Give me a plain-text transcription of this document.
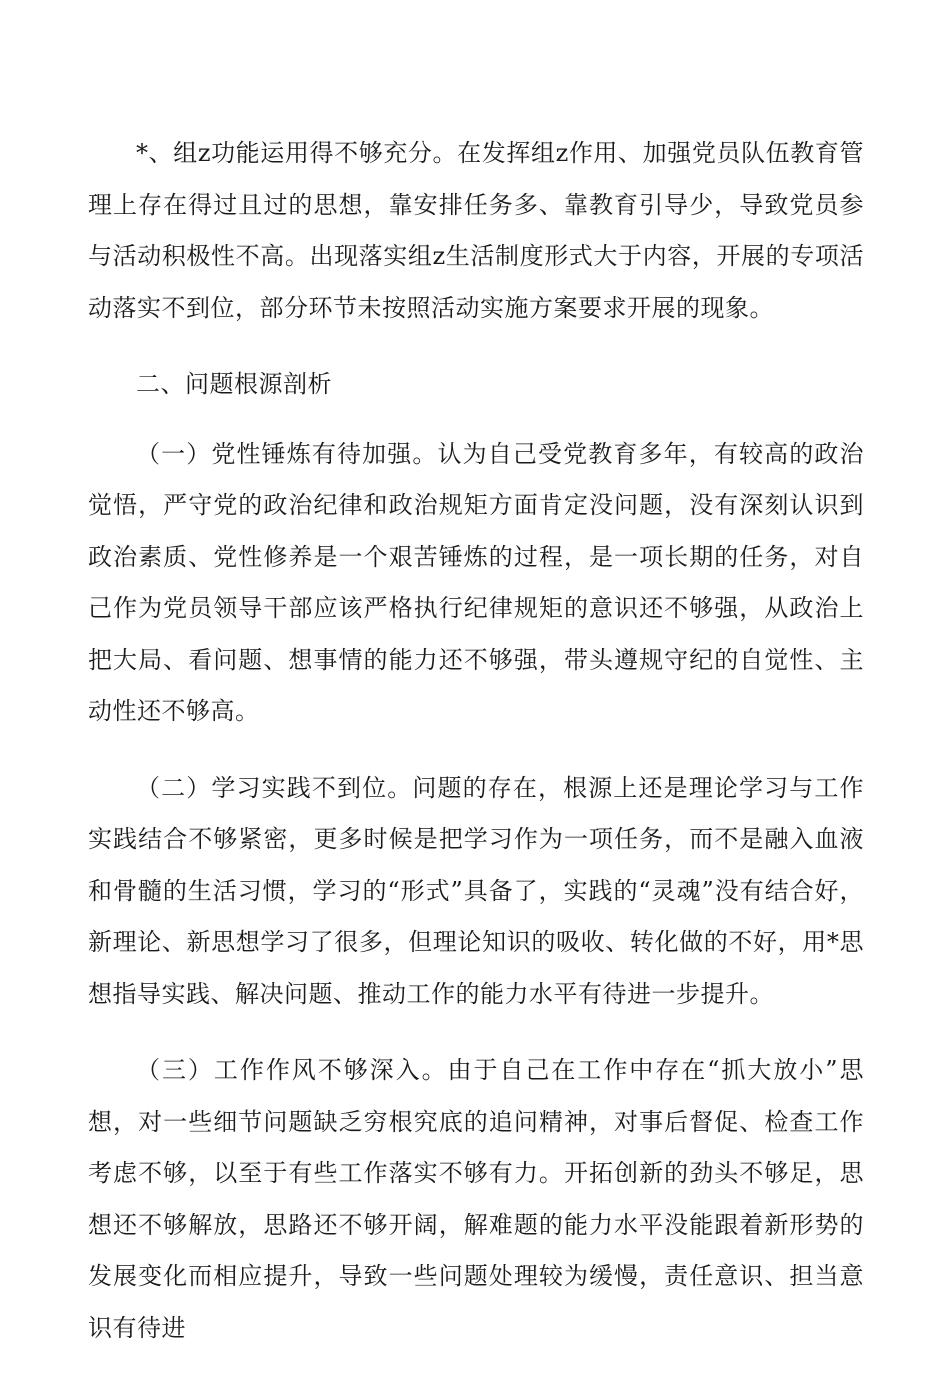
*、组z功能运用得不够充分。在发挥组z作用、加强党员队伍教育管理上存在得过且过的思想，靠安排任务多、靠教育引导少，导致党员参与活动积极性不高。出现落实组z生活制度形式大于内容，开展的专项活动落实不到位，部分环节未按照活动实施方案要求开展的现象。

二、问题根源剖析

（一）党性锤炼有待加强。认为自己受党教育多年，有较高的政治觉悟，严守党的政治纪律和政治规矩方面肯定没问题，没有深刻认识到政治素质、党性修养是一个艰苦锤炼的过程，是一项长期的任务，对自己作为党员领导干部应该严格执行纪律规矩的意识还不够强，从政治上把大局、看问题、想事情的能力还不够强，带头遵规守纪的自觉性、主动性还不够高。

（二）学习实践不到位。问题的存在，根源上还是理论学习与工作实践结合不够紧密，更多时候是把学习作为一项任务，而不是融入血液和骨髓的生活习惯，学习的“形式”具备了，实践的“灵魂”没有结合好，新理论、新思想学习了很多，但理论知识的吸收、转化做的不好，用*思想指导实践、解决问题、推动工作的能力水平有待进一步提升。

（三）工作作风不够深入。由于自己在工作中存在“抓大放小”思想，对一些细节问题缺乏穷根究底的追问精神，对事后督促、检查工作考虑不够，以至于有些工作落实不够有力。开拓创新的劲头不够足，思想还不够解放，思路还不够开阔，解难题的能力水平没能跟着新形势的发展变化而相应提升，导致一些问题处理较为缓慢，责任意识、担当意识有待进
